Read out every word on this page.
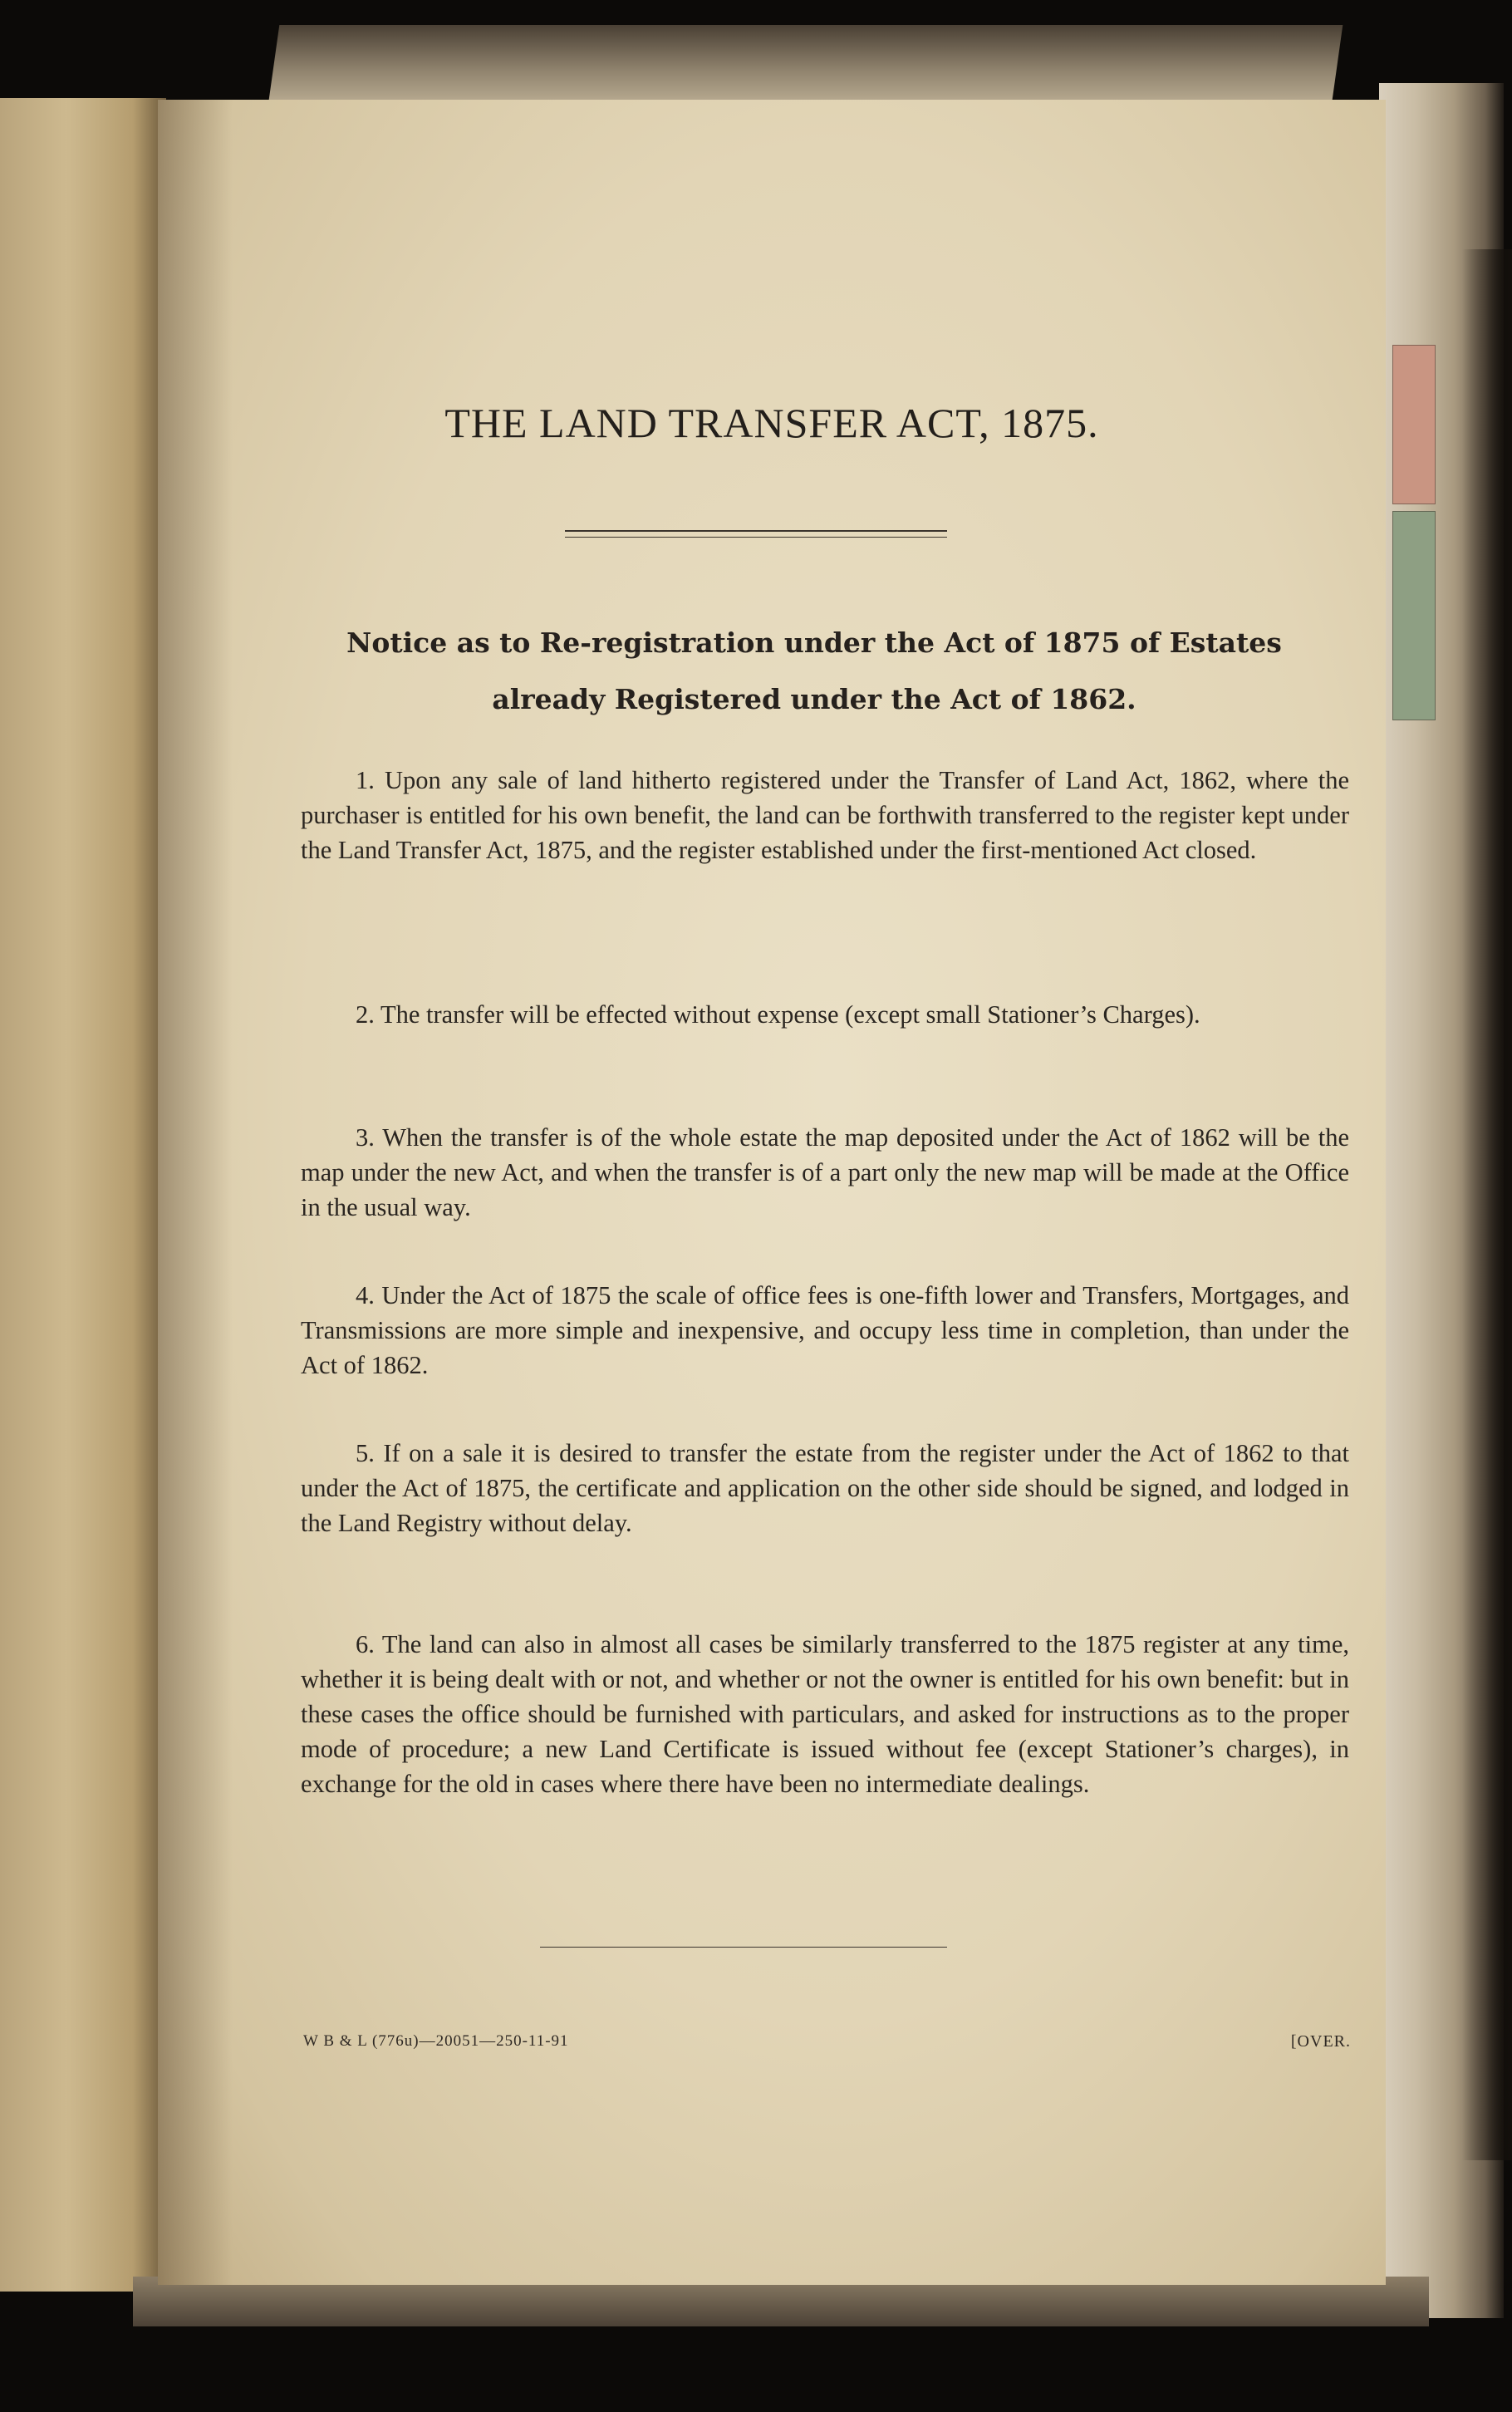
THE LAND TRANSFER ACT, 1875.
Notice as to Re-registration under the Act of 1875 of Estates
already Registered under the Act of 1862.
1. Upon any sale of land hitherto registered under the Transfer of Land Act, 1862, where the purchaser is entitled for his own benefit, the land can be forthwith transferred to the register kept under the Land Transfer Act, 1875, and the register established under the first-mentioned Act closed.
2. The transfer will be effected without expense (except small Stationer’s Charges).
3. When the transfer is of the whole estate the map deposited under the Act of 1862 will be the map under the new Act, and when the transfer is of a part only the new map will be made at the Office in the usual way.
4. Under the Act of 1875 the scale of office fees is one-fifth lower and Transfers, Mortgages, and Transmissions are more simple and inexpensive, and occupy less time in completion, than under the Act of 1862.
5. If on a sale it is desired to transfer the estate from the register under the Act of 1862 to that under the Act of 1875, the certificate and application on the other side should be signed, and lodged in the Land Registry without delay.
6. The land can also in almost all cases be similarly transferred to the 1875 register at any time, whether it is being dealt with or not, and whether or not the owner is entitled for his own benefit: but in these cases the office should be furnished with particulars, and asked for instructions as to the proper mode of procedure; a new Land Certificate is issued without fee (except Stationer’s charges), in exchange for the old in cases where there have been no intermediate dealings.
W B & L (776u)—20051—250-11-91	[OVER.
